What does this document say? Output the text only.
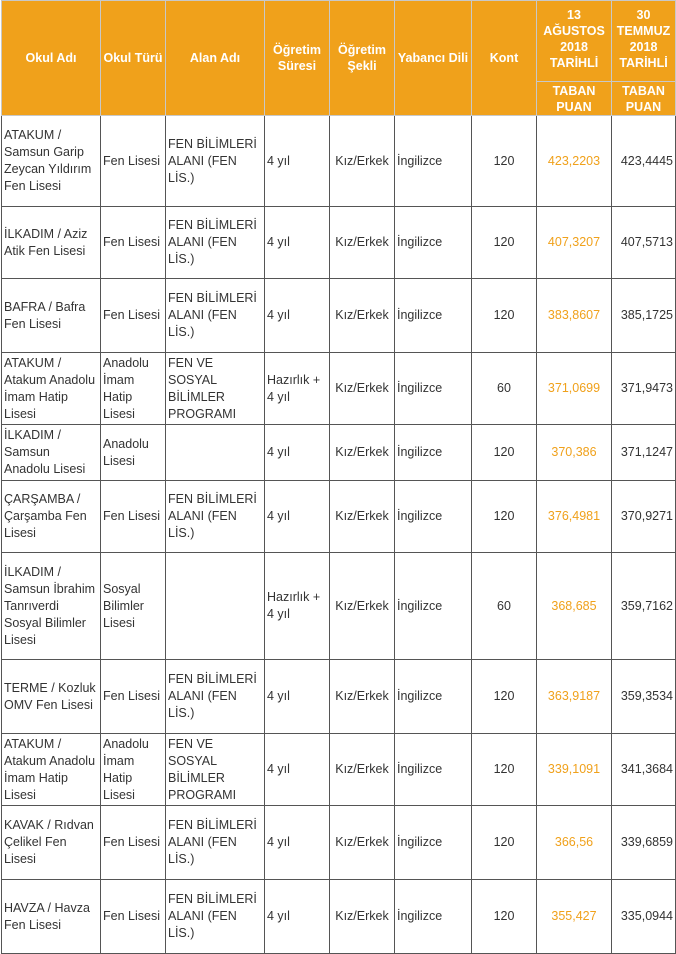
Okul Adı	Okul Türü	Alan Adı	Öğretim Süresi	Öğretim Şekli	Yabancı Dili	Kont	13 AĞUSTOS 2018 TARİHLİ	30 TEMMUZ 2018 TARİHLİ
							TABAN PUAN	TABAN PUAN
ATAKUM / Samsun Garip Zeycan Yıldırım Fen Lisesi	Fen Lisesi	FEN BİLİMLERİ ALANI (FEN LİS.)	4 yıl	Kız/Erkek	İngilizce	120	423,2203	423,4445
İLKADIM / Aziz Atik Fen Lisesi	Fen Lisesi	FEN BİLİMLERİ ALANI (FEN LİS.)	4 yıl	Kız/Erkek	İngilizce	120	407,3207	407,5713
BAFRA / Bafra Fen Lisesi	Fen Lisesi	FEN BİLİMLERİ ALANI (FEN LİS.)	4 yıl	Kız/Erkek	İngilizce	120	383,8607	385,1725
ATAKUM / Atakum Anadolu İmam Hatip Lisesi	Anadolu İmam Hatip Lisesi	FEN VE SOSYAL BİLİMLER PROGRAMI	Hazırlık + 4 yıl	Kız/Erkek	İngilizce	60	371,0699	371,9473
İLKADIM / Samsun Anadolu Lisesi	Anadolu Lisesi		4 yıl	Kız/Erkek	İngilizce	120	370,386	371,1247
ÇARŞAMBA / Çarşamba Fen Lisesi	Fen Lisesi	FEN BİLİMLERİ ALANI (FEN LİS.)	4 yıl	Kız/Erkek	İngilizce	120	376,4981	370,9271
İLKADIM / Samsun İbrahim Tanrıverdi Sosyal Bilimler Lisesi	Sosyal Bilimler Lisesi		Hazırlık + 4 yıl	Kız/Erkek	İngilizce	60	368,685	359,7162
TERME / Kozluk OMV Fen Lisesi	Fen Lisesi	FEN BİLİMLERİ ALANI (FEN LİS.)	4 yıl	Kız/Erkek	İngilizce	120	363,9187	359,3534
ATAKUM / Atakum Anadolu İmam Hatip Lisesi	Anadolu İmam Hatip Lisesi	FEN VE SOSYAL BİLİMLER PROGRAMI	4 yıl	Kız/Erkek	İngilizce	120	339,1091	341,3684
KAVAK / Rıdvan Çelikel Fen Lisesi	Fen Lisesi	FEN BİLİMLERİ ALANI (FEN LİS.)	4 yıl	Kız/Erkek	İngilizce	120	366,56	339,6859
HAVZA / Havza Fen Lisesi	Fen Lisesi	FEN BİLİMLERİ ALANI (FEN LİS.)	4 yıl	Kız/Erkek	İngilizce	120	355,427	335,0944
